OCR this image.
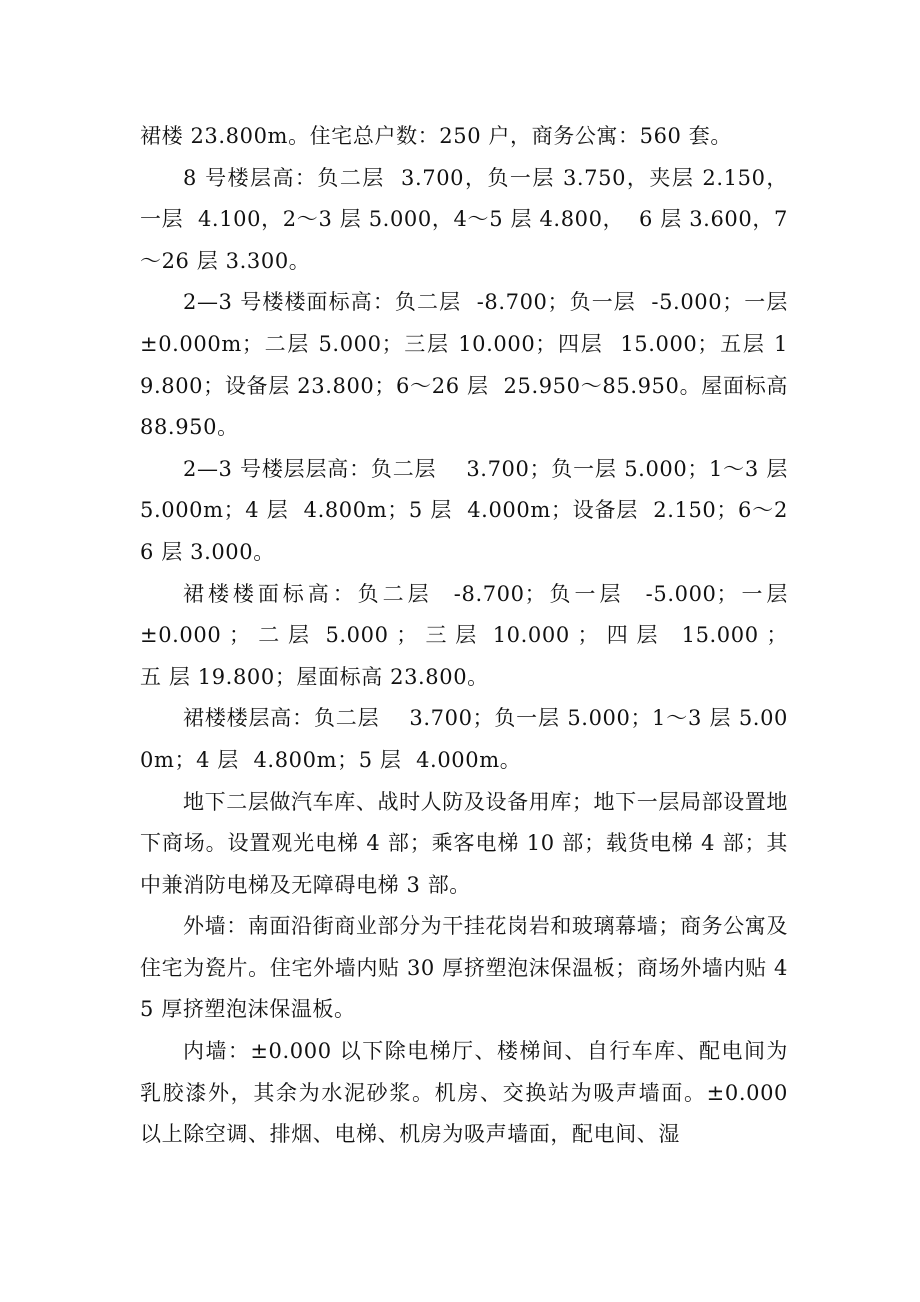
裙楼 23.800m。住宅总户数：250 户，商务公寓：560 套。

8 号楼层高：负二层  3.700，负一层 3.750，夹层 2.150，一层  4.100，2～3 层 5.000，4～5 层 4.800，  6 层 3.600，7～26 层 3.300。

2—3 号楼楼面标高：负二层  -8.700；负一层  -5.000；一层    ±0.000m；二层 5.000；三层 10.000；四层  15.000；五层 19.800；设备层 23.800；6～26 层  25.950～85.950。屋面标高 88.950。

2—3 号楼层层高：负二层    3.700；负一层 5.000；1～3 层 5.000m；4 层  4.800m；5 层  4.000m；设备层  2.150；6～26 层 3.000。

裙楼楼面标高：负二层  -8.700；负一层  -5.000；一层    ±0.000 ； 二 层  5.000 ； 三 层  10.000 ； 四 层   15.000 ； 五 层 19.800；屋面标高 23.800。

裙楼楼层高：负二层    3.700；负一层 5.000；1～3 层 5.000m；4 层  4.800m；5 层  4.000m。

地下二层做汽车库、战时人防及设备用库；地下一层局部设置地下商场。设置观光电梯 4 部；乘客电梯 10 部；载货电梯 4 部；其中兼消防电梯及无障碍电梯 3 部。

外墙：南面沿街商业部分为干挂花岗岩和玻璃幕墙；商务公寓及住宅为瓷片。住宅外墙内贴 30 厚挤塑泡沫保温板；商场外墙内贴 45 厚挤塑泡沫保温板。

内墙：±0.000 以下除电梯厅、楼梯间、自行车库、配电间为乳胶漆外，其余为水泥砂浆。机房、交换站为吸声墙面。±0.000 以上除空调、排烟、电梯、机房为吸声墙面，配电间、湿
